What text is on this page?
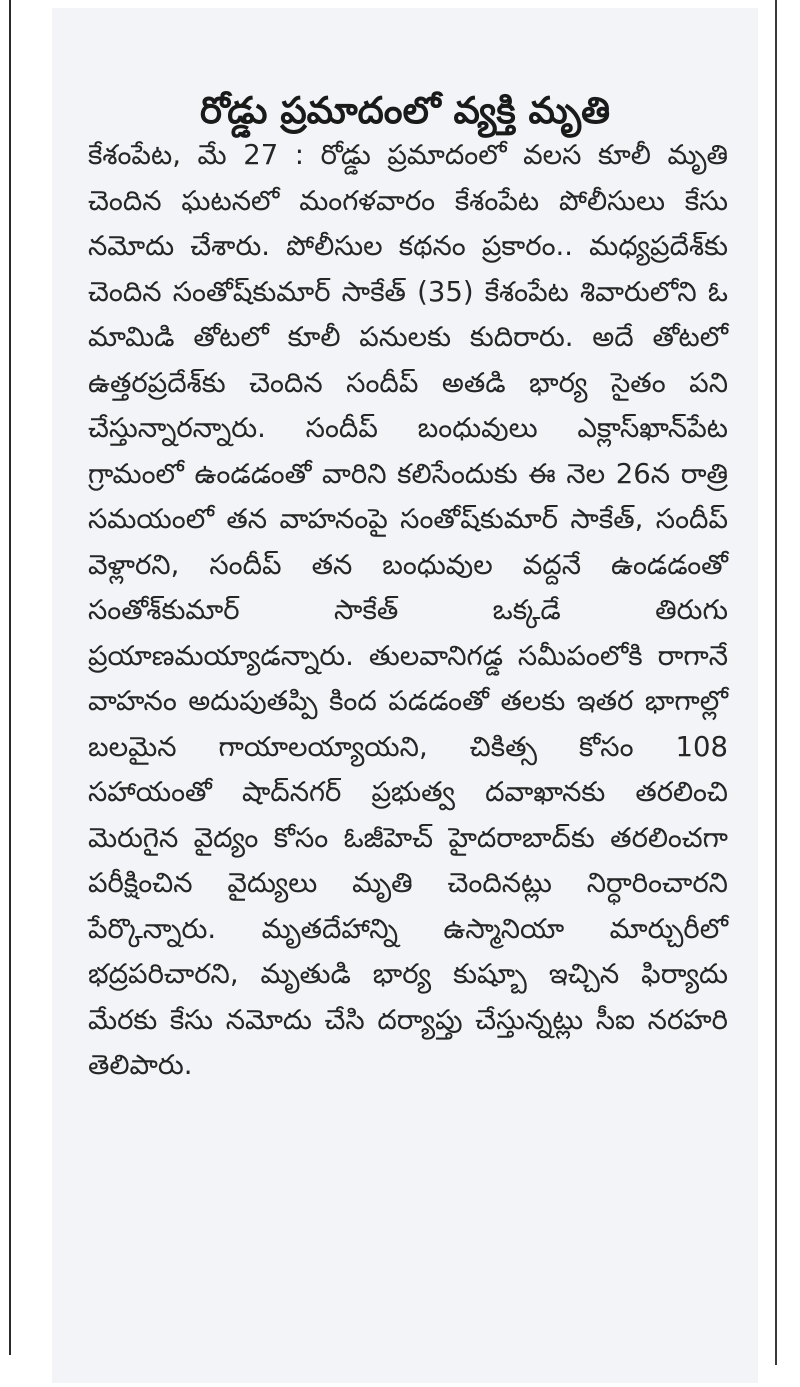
రోడ్డు ప్రమాదంలో వ్యక్తి మృతి

కేశంపేట, మే 27 : రోడ్డు ప్రమాదంలో వలస కూలీ మృతి చెందిన ఘటనలో మంగళవారం కేశంపేట పోలీసులు కేసు నమోదు చేశారు. పోలీసుల కథనం ప్రకారం.. మధ్యప్రదేశ్‌కు చెందిన సంతోష్‌కుమార్ సాకేత్ (35) కేశంపేట శివారులోని ఓ మామిడి తోటలో కూలీ పనులకు కుదిరారు. అదే తోటలో ఉత్తరప్రదేశ్‌కు చెందిన సందీప్ అతడి భార్య సైతం పని చేస్తున్నారన్నారు. సందీప్ బంధువులు ఎక్లాస్‌ఖాన్‌పేట గ్రామంలో ఉండడంతో వారిని కలిసేందుకు ఈ నెల 26న రాత్రి సమయంలో తన వాహనంపై సంతోష్‌కుమార్ సాకేత్, సందీప్ వెళ్లారని, సందీప్ తన బంధువుల వద్దనే ఉండడంతో సంతోశ్‌కుమార్ సాకేత్ ఒక్కడే తిరుగు ప్రయాణమయ్యాడన్నారు. తులవానిగడ్డ సమీపంలోకి రాగానే వాహనం అదుపుతప్పి కింద పడడంతో తలకు ఇతర భాగాల్లో బలమైన గాయాలయ్యాయని, చికిత్స కోసం 108 సహాయంతో షాద్‌నగర్ ప్రభుత్వ దవాఖానకు తరలించి మెరుగైన వైద్యం కోసం ఓజీహెచ్ హైదరాబాద్‌కు తరలించగా పరీక్షించిన వైద్యులు మృతి చెందినట్లు నిర్ధారించారని పేర్కొన్నారు. మృతదేహాన్ని ఉస్మానియా మార్చురీలో భద్రపరిచారని, మృతుడి భార్య కుష్బూ ఇచ్చిన ఫిర్యాదు మేరకు కేసు నమోదు చేసి దర్యాప్తు చేస్తున్నట్లు సీఐ నరహరి తెలిపారు.
